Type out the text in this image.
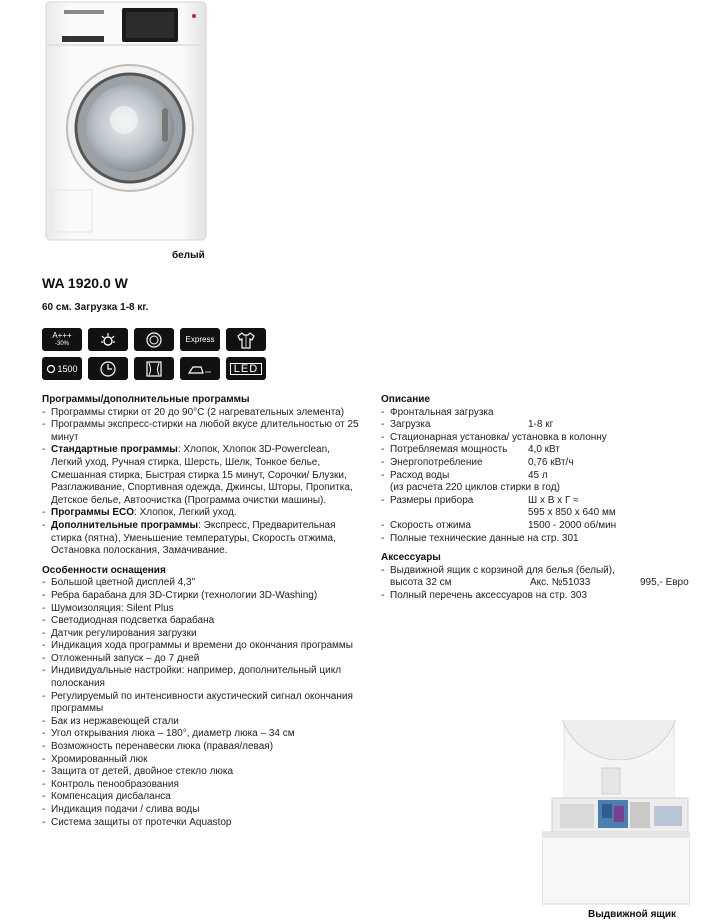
белый
WA 1920.0 W
60 см. Загрузка 1-8 кг.
A+++
-30%	Express
1500	LED
Программы/дополнительные программы
- Программы стирки от 20 до 90°С (2 нагревательных элемента)
- Программы экспресс-стирки на любой вкусе длительностью от 25 минут
- Стандартные программы: Хлопок, Хлопок 3D-Powerclean, Легкий уход, Ручная стирка, Шерсть, Шелк, Тонкое белье, Смешанная стирка, Быстрая стирка 15 минут, Сорочки/ Блузки, Разглаживание, Спортивная одежда, Джинсы, Шторы, Пропитка, Детское белье, Автоочистка (Программа очистки машины).
- Программы ECO: Хлопок, Легкий уход.
- Дополнительные программы: Экспресс, Предварительная стирка (пятна), Уменьшение температуры, Скорость отжима, Остановка полоскания, Замачивание.
Особенности оснащения
- Большой цветной дисплей 4,3"
- Ребра барабана для 3D-Стирки (технологии 3D-Washing)
- Шумоизоляция: Silent Plus
- Светодиодная подсветка барабана
- Датчик регулирования загрузки
- Индикация хода программы и времени до окончания программы
- Отложенный запуск – до 7 дней
- Индивидуальные настройки: например, дополнительный цикл полоскания
- Регулируемый по интенсивности акустический сигнал окончания программы
- Бак из нержавеющей стали
- Угол открывания люка – 180°, диаметр люка – 34 см
- Возможность перенавески люка (правая/левая)
- Хромированный люк
- Защита от детей, двойное стекло люка
- Контроль пенообразования
- Компенсация дисбаланса
- Индикация подачи / слива воды
- Система защиты от протечки Aquastop
Описание
- Фронтальная загрузка
- Загрузка	1-8 кг
- Стационарная установка/ установка в колонну
- Потребляемая мощность 4,0 кВт
- Энергопотребление	0,76 кВт/ч
- Расход воды	45 л

(из расчета 220 циклов стирки в год)
- Размеры прибора	Ш х В х Г ≈

595 х 850 х 640 мм
- Скорость отжима	1500 - 2000 об/мин
- Полные технические данные на стр. 301
Аксессуары
- Выдвижной ящик с корзиной для белья (белый),
высота 32 см	Акс. №51033	995,- Евро
- Полный перечень аксессуаров на стр. 303
Выдвижной ящик
